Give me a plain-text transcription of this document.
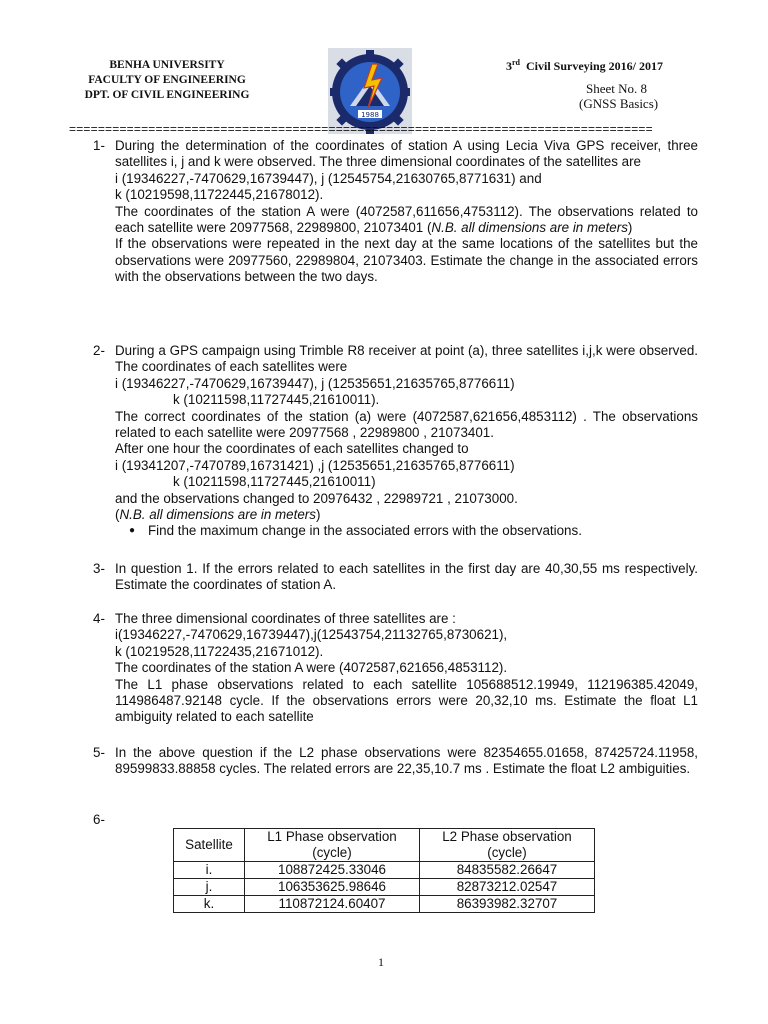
BENHA UNIVERSITY
FACULTY OF ENGINEERING
DPT. OF CIVIL ENGINEERING
1988
3rd Civil Surveying 2016/ 2017
Sheet No. 8
(GNSS Basics)
=================================================================================
1- During the determination of the coordinates of station A using Lecia Viva GPS receiver, three satellites i, j and k were observed. The three dimensional coordinates of the satellites are
i (19346227,-7470629,16739447), j (12545754,21630765,8771631) and
k (10219598,11722445,21678012).
The coordinates of the station A were (4072587,611656,4753112). The observations related to each satellite were 20977568, 22989800, 21073401 (N.B. all dimensions are in meters)
If the observations were repeated in the next day at the same locations of the satellites but the observations were 20977560, 22989804, 21073403. Estimate the change in the associated errors with the observations between the two days.
2- During a GPS campaign using Trimble R8 receiver at point (a), three satellites i,j,k were observed. The coordinates of each satellites were
i (19346227,-7470629,16739447), j (12535651,21635765,8776611)
k (10211598,11727445,21610011).
The correct coordinates of the station (a) were (4072587,621656,4853112) . The observations related to each satellite were 20977568 , 22989800 , 21073401.
After one hour the coordinates of each satellites changed to
i (19341207,-7470789,16731421) ,j (12535651,21635765,8776611)
k (10211598,11727445,21610011)
and the observations changed to 20976432 , 22989721 , 21073000.
(N.B. all dimensions are in meters)
● Find the maximum change in the associated errors with the observations.
3- In question 1. If the errors related to each satellites in the first day are 40,30,55 ms respectively. Estimate the coordinates of station A.
4- The three dimensional coordinates of three satellites are :
i(19346227,-7470629,16739447),j(12543754,21132765,8730621),
k (10219528,11722435,21671012).
The coordinates of the station A were (4072587,621656,4853112).
The L1 phase observations related to each satellite 105688512.19949, 112196385.42049, 114986487.92148 cycle. If the observations errors were 20,32,10 ms. Estimate the float L1 ambiguity related to each satellite
5- In the above question if the L2 phase observations were 82354655.01658, 87425724.11958, 89599833.88858 cycles. The related errors are 22,35,10.7 ms . Estimate the float L2 ambiguities.
6-
Satellite	L1 Phase observation (cycle)	L2 Phase observation (cycle)
i.	108872425.33046	84835582.26647
j.	106353625.98646	82873212.02547
k.	110872124.60407	86393982.32707
1
